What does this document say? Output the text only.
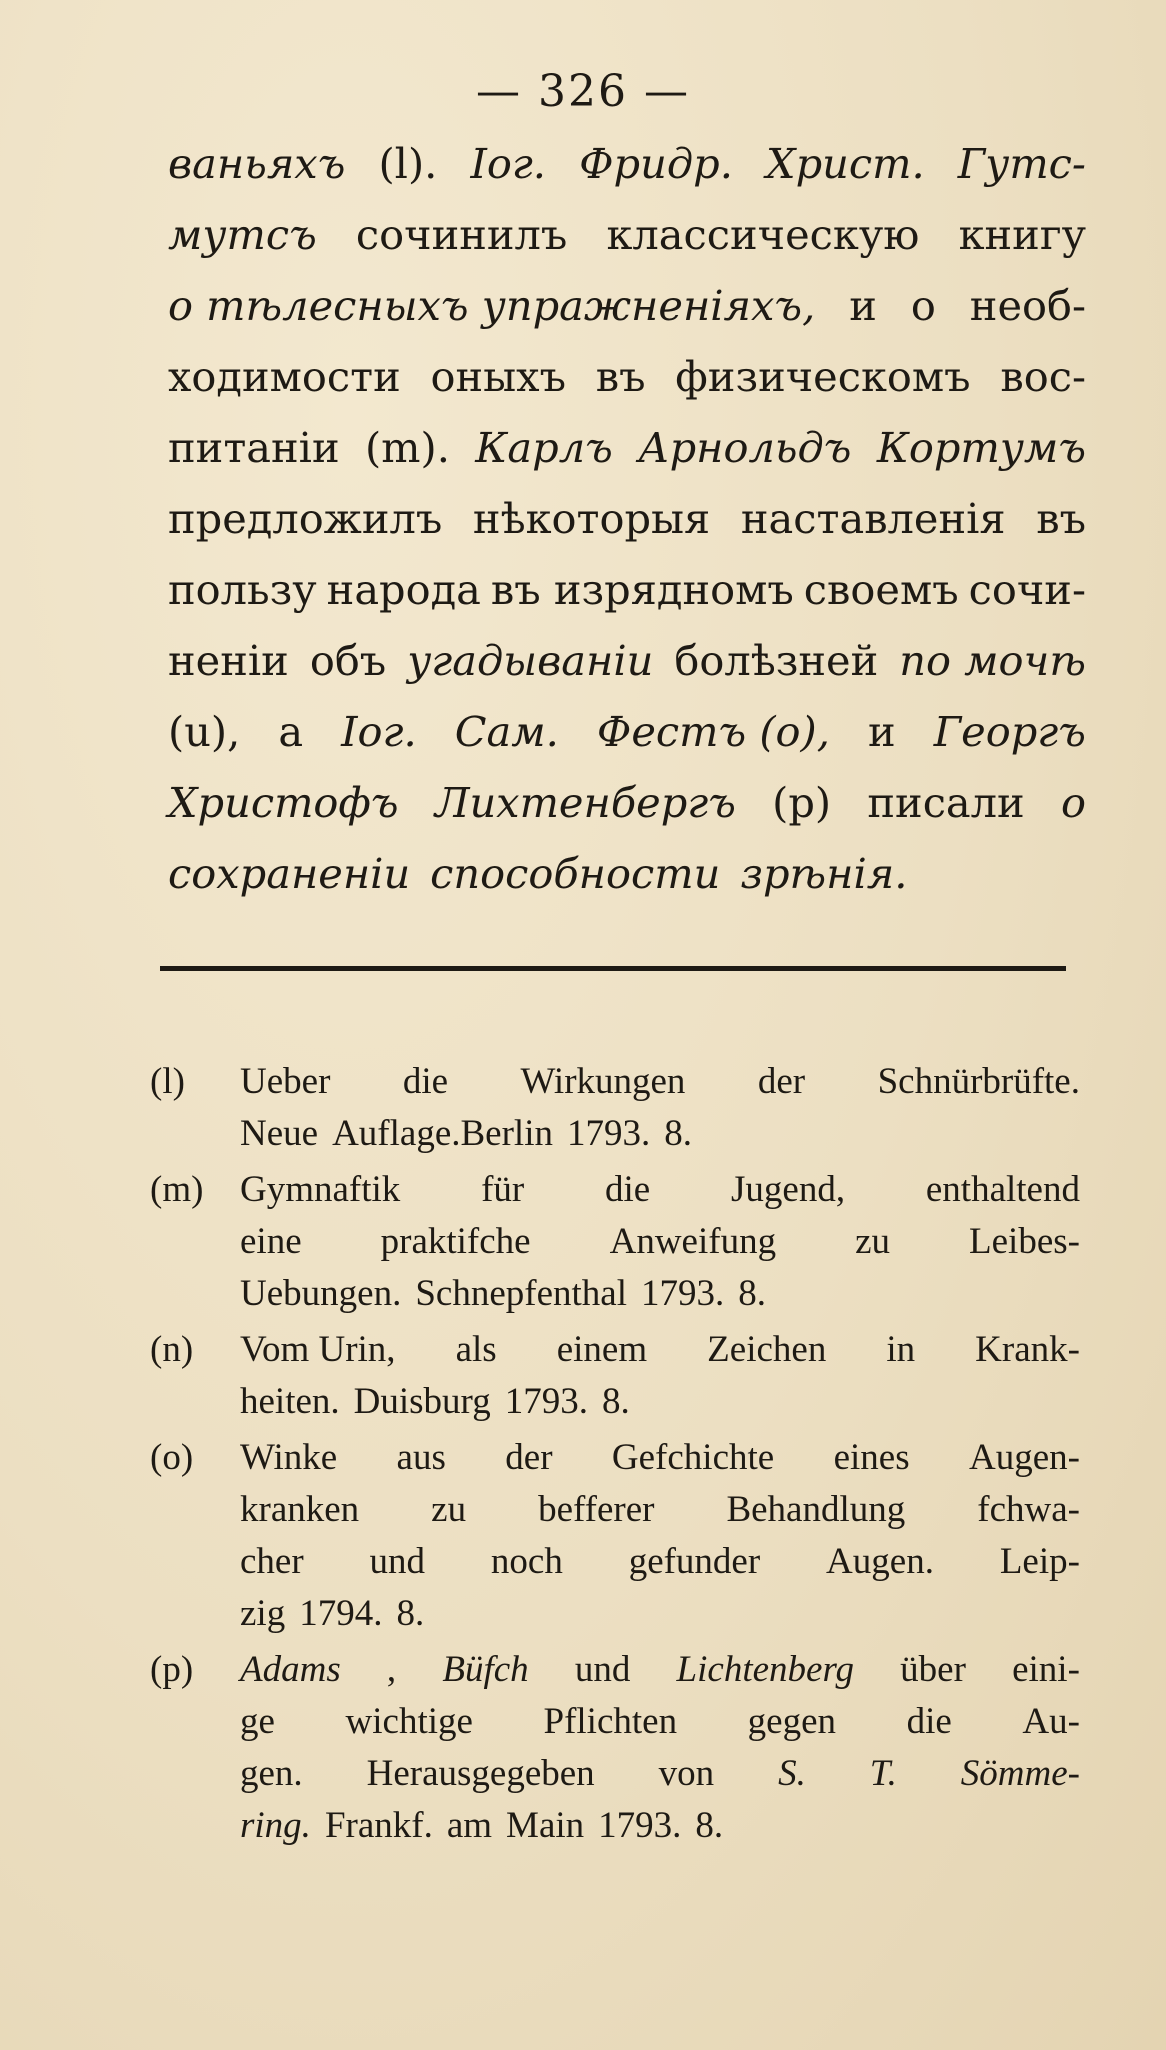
— 326 —
ваньяхъ (l). Іог. Фридр. Христ. Гутс-
мутсъ сочинилъ классическую книгу
о тѣлесныхъ упражненіяхъ, и о необ-
ходимости оныхъ въ физическомъ вос-
питаніи (m). Карлъ Арнольдъ Кортумъ
предложилъ нѣкоторыя наставленія въ
пользу народа въ изрядномъ своемъ сочи-
неніи объ угадываніи болѣзней по мочѣ
(u), а Іог. Сам. Фестъ (o), и Георгъ
Христофъ Лихтенбергъ (p) писали о
сохраненіи способности зрѣнія.
(l) Ueber die Wirkungen der Schnürbrüfte.
Neue Auflage.Berlin 1793. 8.
(m) Gymnaftik für die Jugend, enthaltend
eine praktifche Anweifung zu Leibes-
Uebungen. Schnepfenthal 1793. 8.
(n) Vom Urin, als einem Zeichen in Krank-
heiten. Duisburg 1793. 8.
(o) Winke aus der Gefchichte eines Augen-
kranken zu befferer Behandlung fchwa-
cher und noch gefunder Augen. Leip-
zig 1794. 8.
(p) Adams , Büfch und Lichtenberg über eini-
ge wichtige Pflichten gegen die Au-
gen. Herausgegeben von S. T. Sömme-
ring. Frankf. am Main 1793. 8.
